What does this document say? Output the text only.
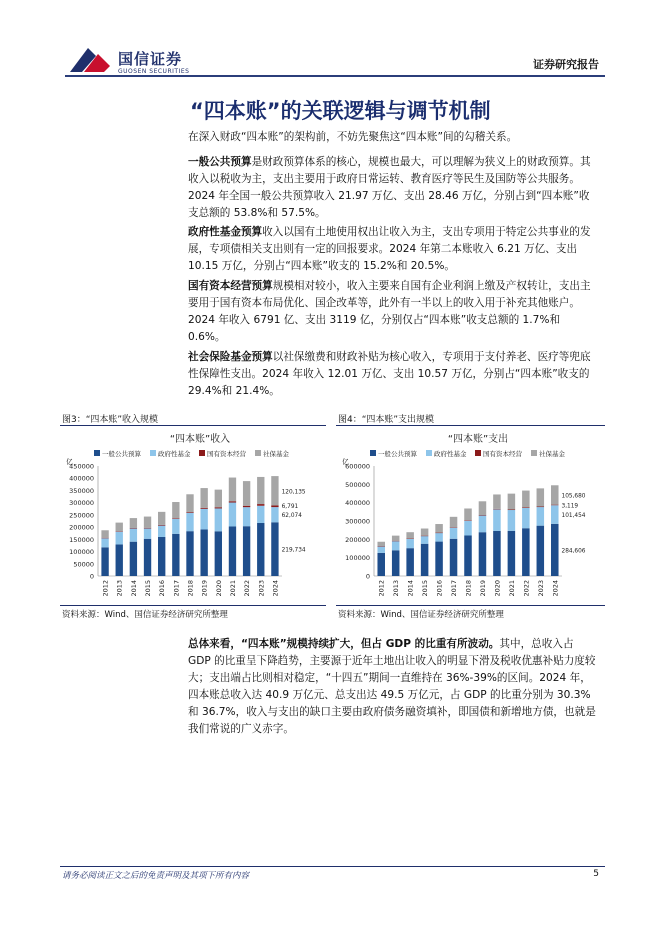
国信证券
GUOSEN SECURITIES
证券研究报告
“四本账”的关联逻辑与调节机制
在深入财政“四本账”的架构前，不妨先聚焦这“四本账”间的勾稽关系。
一般公共预算是财政预算体系的核心，规模也最大，可以理解为狭义上的财政预算。其收入以税收为主，支出主要用于政府日常运转、教育医疗等民生及国防等公共服务。2024 年全国一般公共预算收入 21.97 万亿、支出 28.46 万亿，分别占到“四本账”收支总额的 53.8%和 57.5%。
政府性基金预算收入以国有土地使用权出让收入为主，支出专项用于特定公共事业的发展，专项债相关支出则有一定的回报要求。2024 年第二本账收入 6.21 万亿、支出 10.15 万亿，分别占“四本账”收支的 15.2%和 20.5%。
国有资本经营预算规模相对较小，收入主要来自国有企业利润上缴及产权转让，支出主要用于国有资本布局优化、国企改革等，此外有一半以上的收入用于补充其他账户。2024 年收入 6791 亿、支出 3119 亿，分别仅占“四本账”收支总额的 1.7%和 0.6%。
社会保险基金预算以社保缴费和财政补贴为核心收入，专项用于支付养老、医疗等兜底性保障性支出。2024 年收入 12.01 万亿、支出 10.57 万亿，分别占“四本账”收支的 29.4%和 21.4%。
图3：“四本账”收入规模	图4：“四本账”支出规模
“四本账”收入
一般公共预算	政府性基金	国有资本经营	社保基金
亿
0
50000
100000
150000
200000
250000
300000
350000
400000
450000
2012 2013 2014 2015 2016 2017 2018 2019 2020 2021 2022 2023 2024
120,135
6,791
62,074
219,734
“四本账”支出
一般公共预算	政府性基金	国有资本经营	社保基金
亿
0
100000
200000
300000
400000
500000
600000
2012 2013 2014 2015 2016 2017 2018 2019 2020 2021 2022 2023 2024
105,680
3,119
101,454
284,606
资料来源：Wind、国信证券经济研究所整理	资料来源：Wind、国信证券经济研究所整理
总体来看，“四本账”规模持续扩大，但占 GDP 的比重有所波动。其中，总收入占 GDP 的比重呈下降趋势，主要源于近年土地出让收入的明显下滑及税收优惠补贴力度较大；支出端占比则相对稳定，“十四五”期间一直维持在 36%-39%的区间。2024 年，四本账总收入达 40.9 万亿元、总支出达 49.5 万亿元，占 GDP 的比重分别为 30.3%和 36.7%，收入与支出的缺口主要由政府债务融资填补，即国债和新增地方债，也就是我们常说的广义赤字。
请务必阅读正文之后的免责声明及其项下所有内容	5
